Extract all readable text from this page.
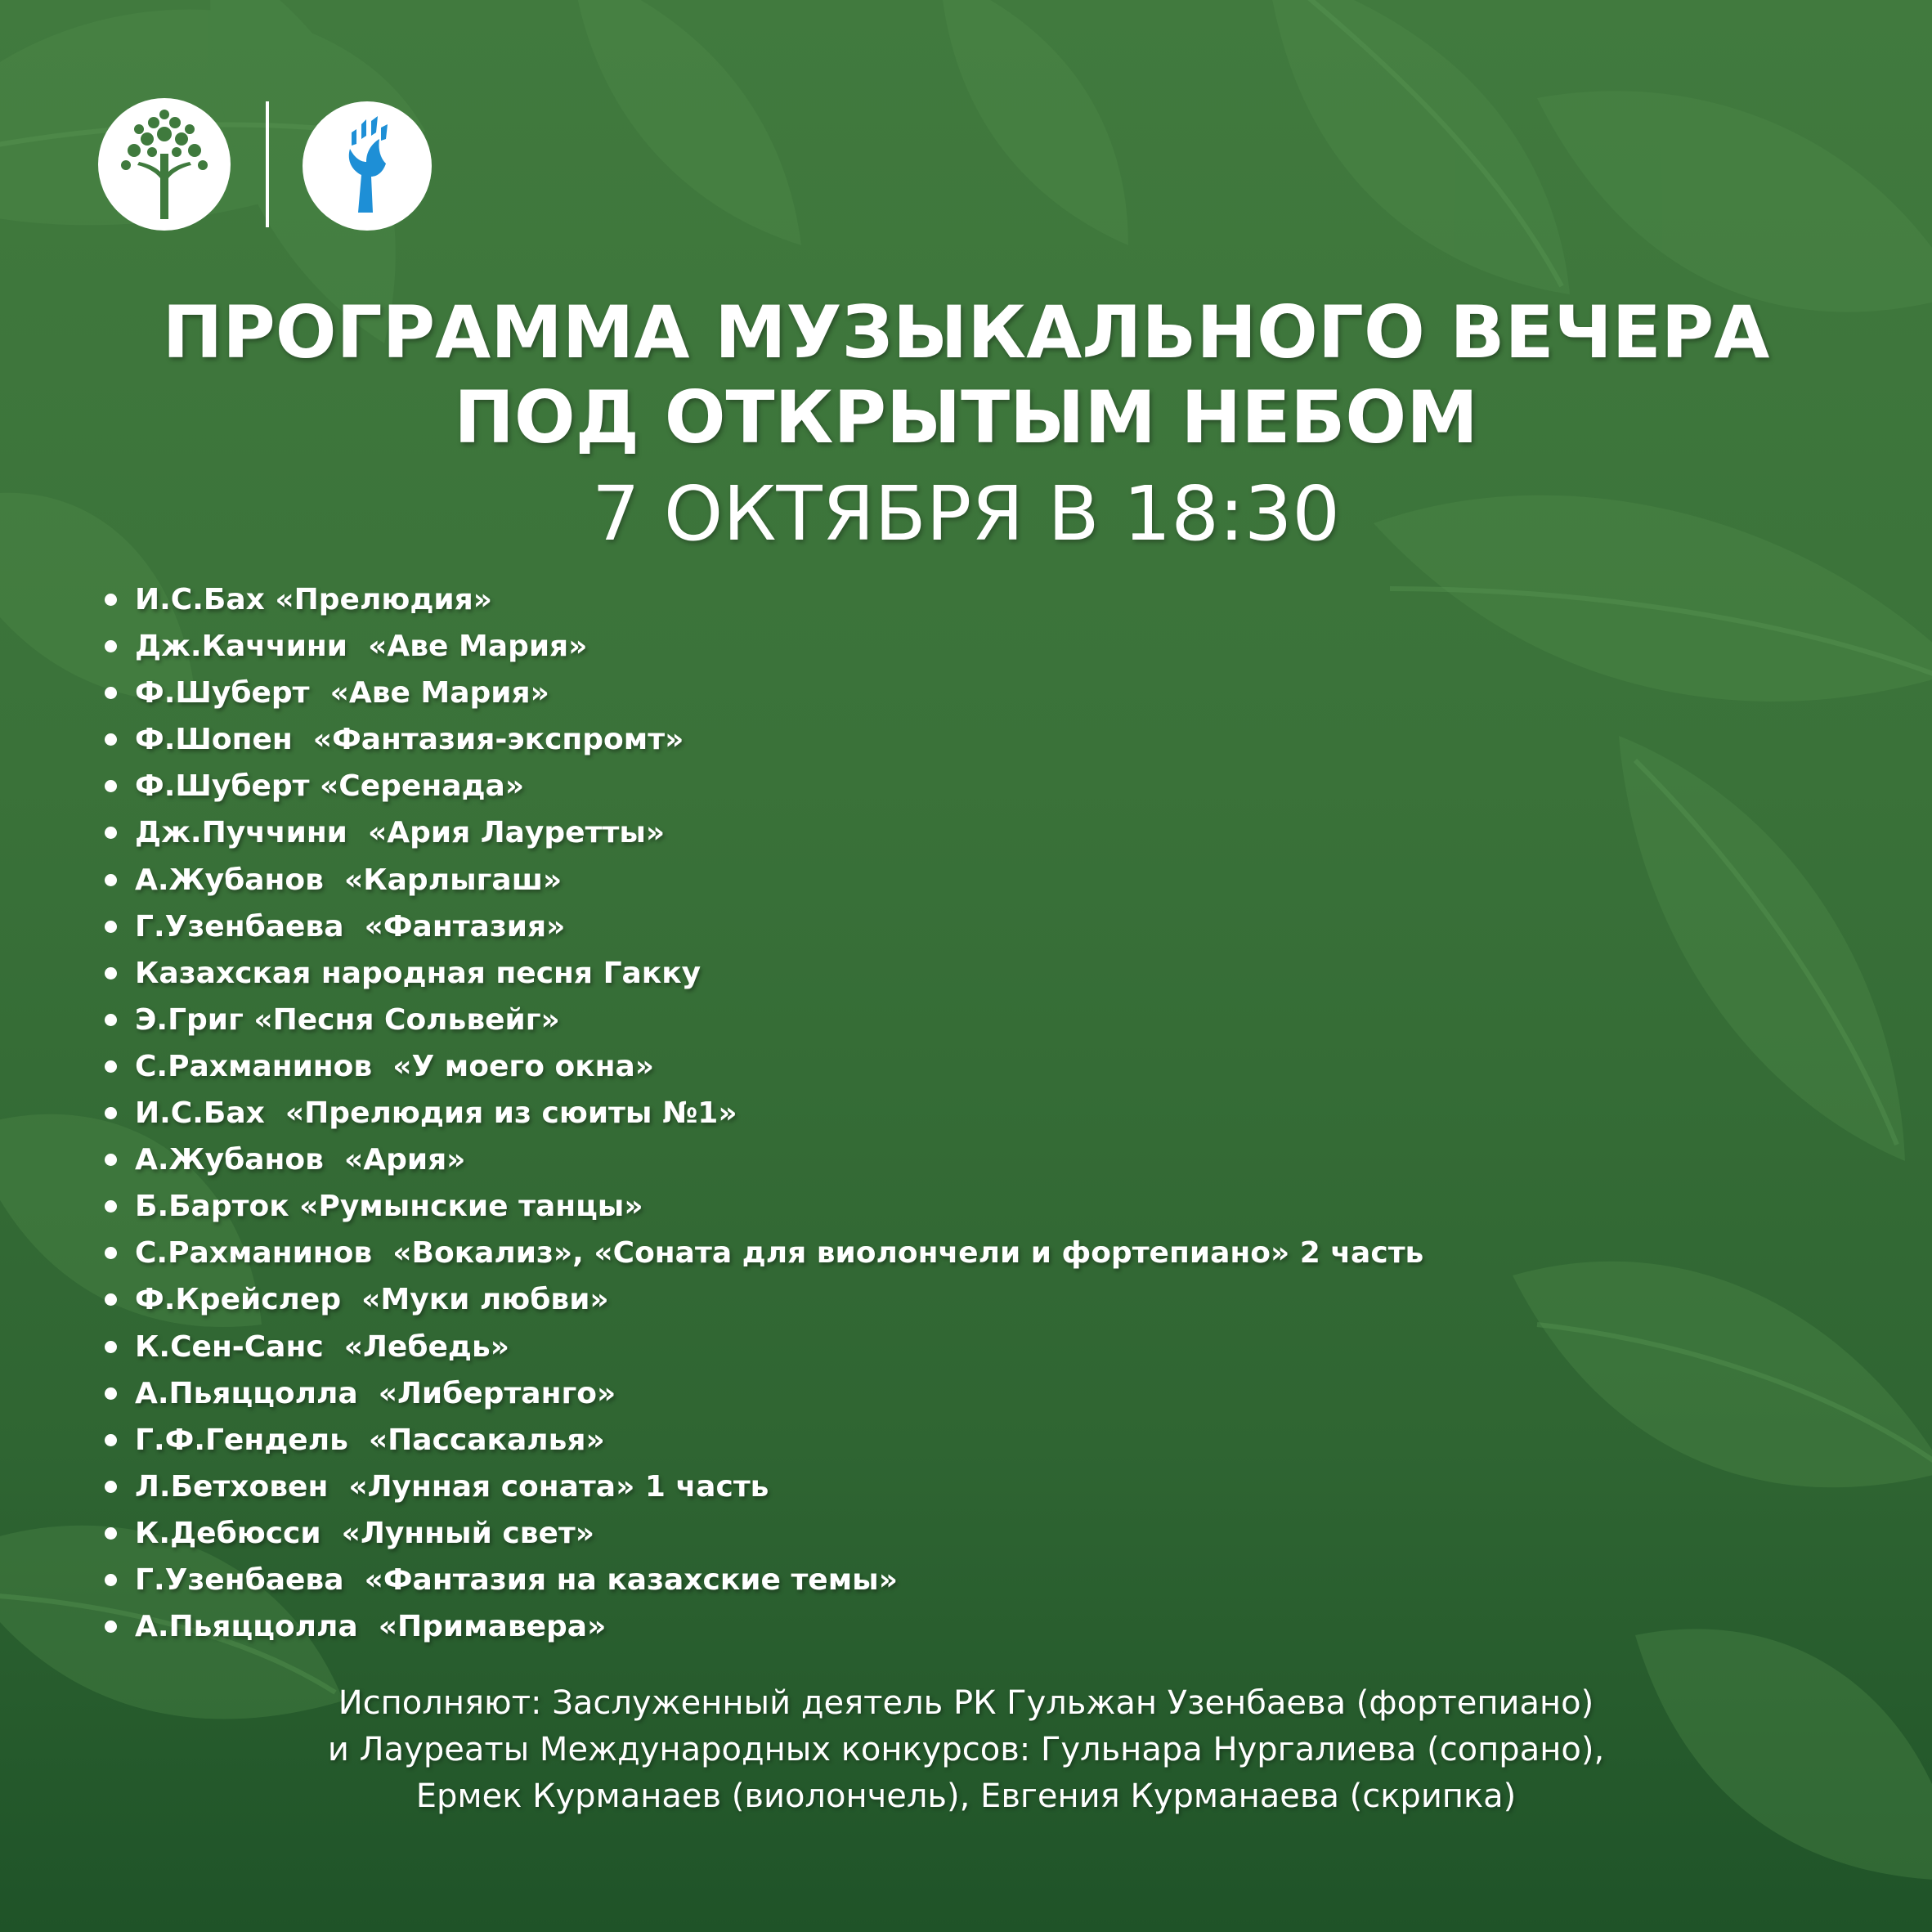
ПРОГРАММА МУЗЫКАЛЬНОГО ВЕЧЕРА
ПОД ОТКРЫТЫМ НЕБОМ
7 ОКТЯБРЯ В 18:30
И.С.Бах «Прелюдия»
Дж.Каччини  «Аве Мария»
Ф.Шуберт  «Аве Мария»
Ф.Шопен  «Фантазия-экспромт»
Ф.Шуберт «Серенада»
Дж.Пуччини  «Ария Лауретты»
А.Жубанов  «Карлыгаш»
Г.Узенбаева  «Фантазия»
Казахская народная песня Гакку
Э.Григ «Песня Сольвейг»
С.Рахманинов  «У моего окна»
И.С.Бах  «Прелюдия из сюиты №1»
А.Жубанов  «Ария»
Б.Барток «Румынские танцы»
С.Рахманинов  «Вокализ», «Соната для виолончели и фортепиано» 2 часть
Ф.Крейслер  «Муки любви»
К.Сен-Санс  «Лебедь»
А.Пьяццолла  «Либертанго»
Г.Ф.Гендель  «Пассакалья»
Л.Бетховен  «Лунная соната» 1 часть
К.Дебюсси  «Лунный свет»
Г.Узенбаева  «Фантазия на казахские темы»
А.Пьяццолла  «Примавера»
Исполняют: Заслуженный деятель РК Гульжан Узенбаева (фортепиано)
и Лауреаты Международных конкурсов: Гульнара Нургалиева (сопрано),
Ермек Курманаев (виолончель), Евгения Курманаева (скрипка)
